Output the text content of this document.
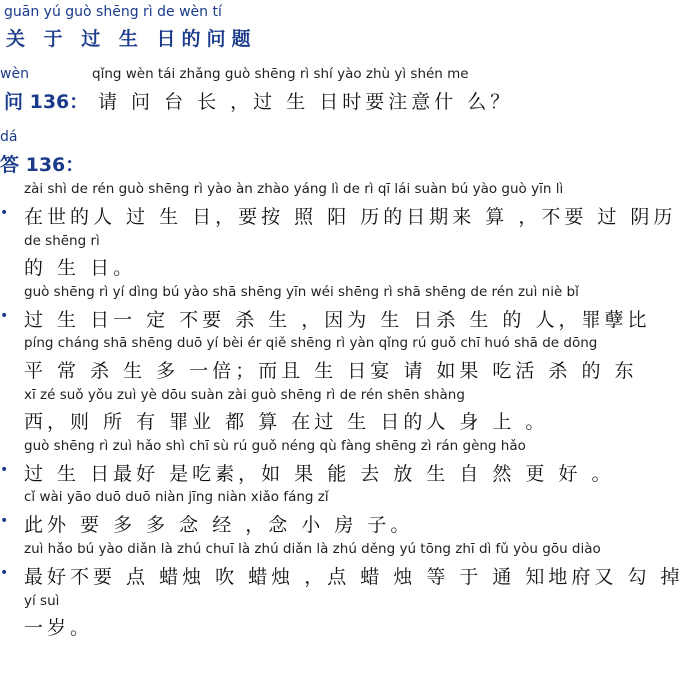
guān yú guò shēng rì de wèn tí
关 于 过 生 日的问题
wèn	qǐng wèn tái zhǎng guò shēng rì shí yào zhù yì shén me
问 136： 请 问 台 长 ，过 生 日时要注意什 么？
dá
答 136：
•
zài shì de rén guò shēng rì yào àn zhào yáng lì de rì qī lái suàn bú yào guò yīn lì
在世的人 过 生 日，要按 照 阳 历的日期来 算 ，不要 过 阴历
de shēng rì
的 生 日。
•
guò shēng rì yí dìng bú yào shā shēng yīn wéi shēng rì shā shēng de rén zuì niè bǐ
过 生 日一 定 不要 杀 生 ，因为 生 日杀 生 的 人，罪孽比
píng cháng shā shēng duō yí bèi ér qiě shēng rì yàn qǐng rú guǒ chī huó shā de dōng
平 常 杀 生 多 一倍；而且 生 日宴 请 如果 吃活 杀 的 东
xī zé suǒ yǒu zuì yè dōu suàn zài guò shēng rì de rén shēn shàng
西，则 所 有 罪业 都 算 在过 生 日的人 身 上 。
•
guò shēng rì zuì hǎo shì chī sù rú guǒ néng qù fàng shēng zì rán gèng hǎo
过 生 日最好 是吃素，如 果 能 去 放 生 自 然 更 好 。
•
cǐ wài yāo duō duō niàn jīng niàn xiǎo fáng zǐ
此外 要 多 多 念 经 ，念 小 房 子。
•
zuì hǎo bú yào diǎn là zhú chuī là zhú diǎn là zhú děng yú tōng zhī dì fǔ yòu gōu diào
最好不要 点 蜡烛 吹 蜡烛 ，点 蜡 烛 等 于 通 知地府又 勾 掉
yí suì
一岁。
